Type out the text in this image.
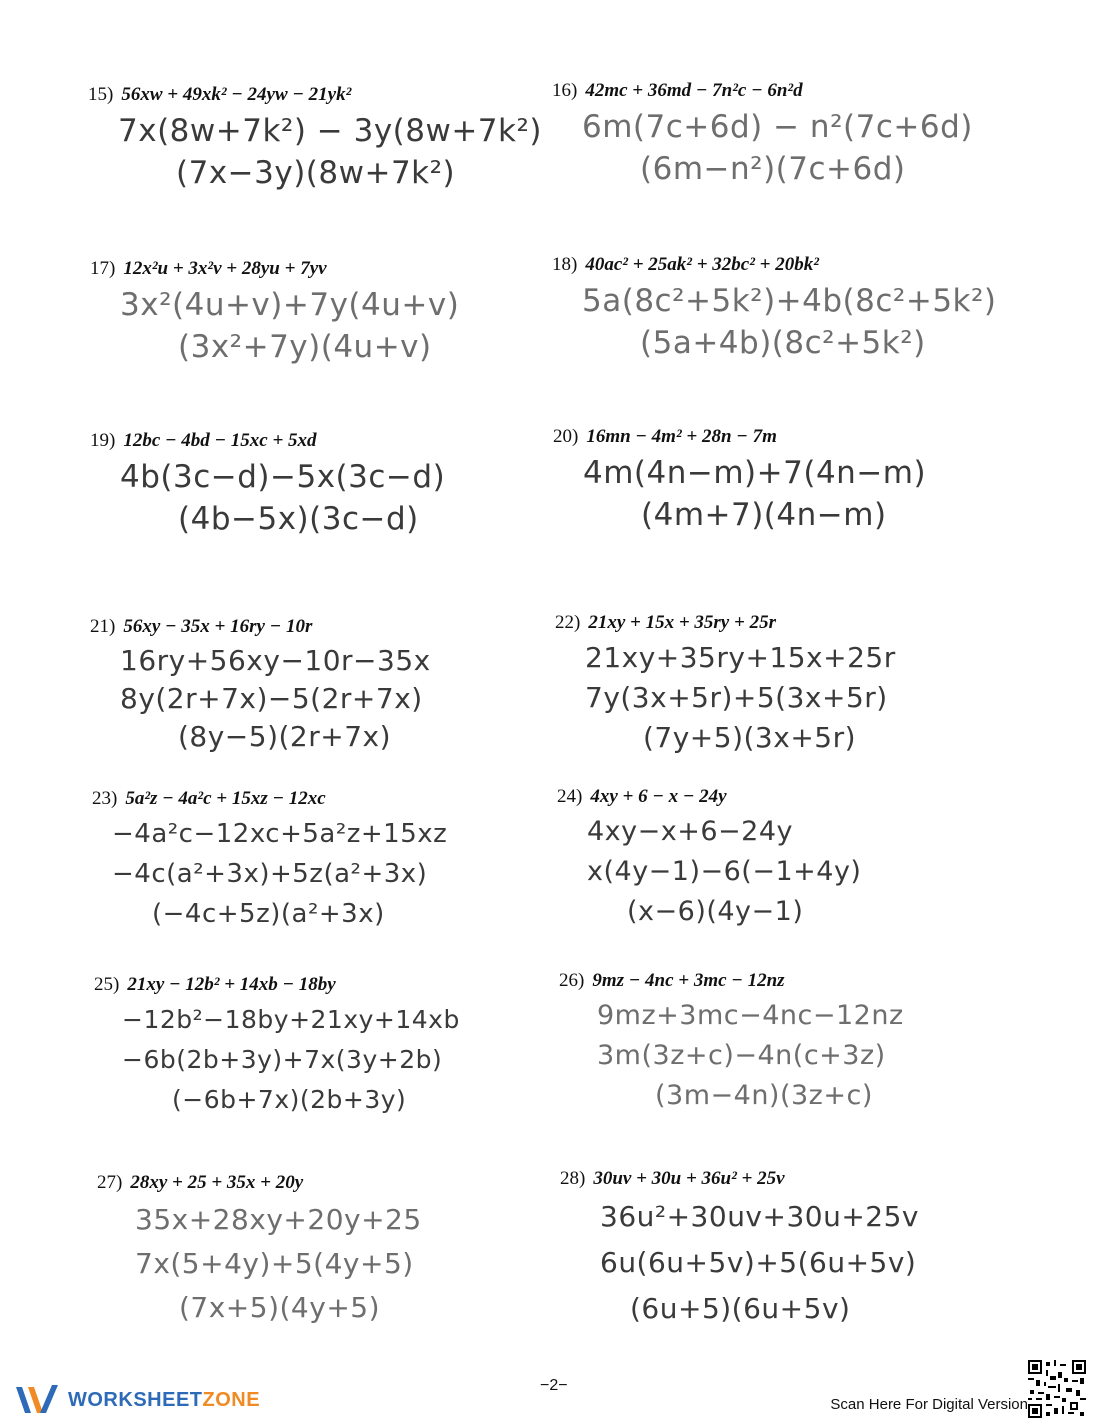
15) 56xw + 49xk² − 24yw − 21yk²
7x(8w+7k²) − 3y(8w+7k²)
(7x−3y)(8w+7k²)
16) 42mc + 36md − 7n²c − 6n²d
6m(7c+6d) − n²(7c+6d)
(6m−n²)(7c+6d)
17) 12x²u + 3x²v + 28yu + 7yv
3x²(4u+v)+7y(4u+v)
(3x²+7y)(4u+v)
18) 40ac² + 25ak² + 32bc² + 20bk²
5a(8c²+5k²)+4b(8c²+5k²)
(5a+4b)(8c²+5k²)
19) 12bc − 4bd − 15xc + 5xd
4b(3c−d)−5x(3c−d)
(4b−5x)(3c−d)
20) 16mn − 4m² + 28n − 7m
4m(4n−m)+7(4n−m)
(4m+7)(4n−m)
21) 56xy − 35x + 16ry − 10r
16ry+56xy−10r−35x
8y(2r+7x)−5(2r+7x)
(8y−5)(2r+7x)
22) 21xy + 15x + 35ry + 25r
21xy+35ry+15x+25r
7y(3x+5r)+5(3x+5r)
(7y+5)(3x+5r)
23) 5a²z − 4a²c + 15xz − 12xc
−4a²c−12xc+5a²z+15xz
−4c(a²+3x)+5z(a²+3x)
(−4c+5z)(a²+3x)
24) 4xy + 6 − x − 24y
4xy−x+6−24y
x(4y−1)−6(−1+4y)
(x−6)(4y−1)
25) 21xy − 12b² + 14xb − 18by
−12b²−18by+21xy+14xb
−6b(2b+3y)+7x(3y+2b)
(−6b+7x)(2b+3y)
26) 9mz − 4nc + 3mc − 12nz
9mz+3mc−4nc−12nz
3m(3z+c)−4n(c+3z)
(3m−4n)(3z+c)
27) 28xy + 25 + 35x + 20y
35x+28xy+20y+25
7x(5+4y)+5(4y+5)
(7x+5)(4y+5)
28) 30uv + 30u + 36u² + 25v
36u²+30uv+30u+25v
6u(6u+5v)+5(6u+5v)
(6u+5)(6u+5v)
WORKSHEETZONE
−2−
Scan Here For Digital Version
